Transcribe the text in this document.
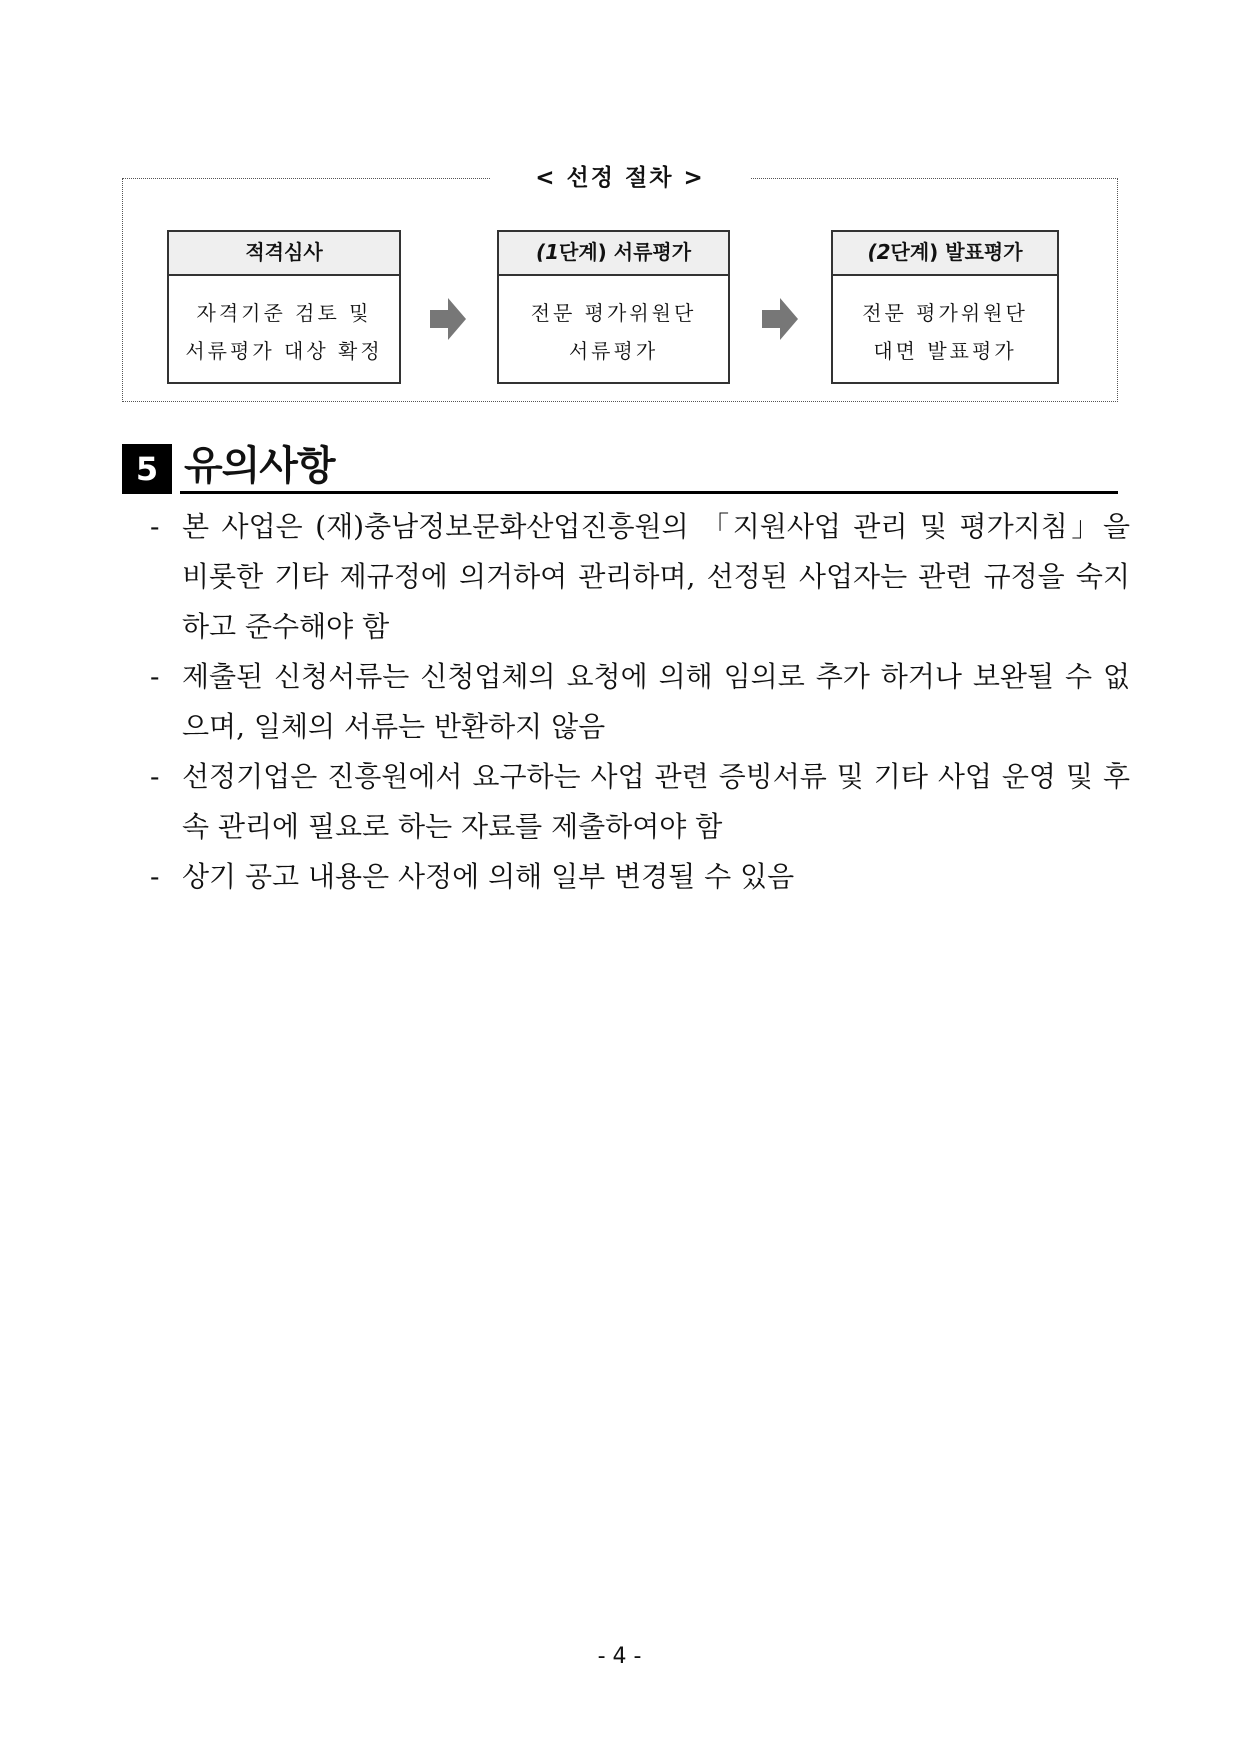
< 선정 절차 >
적격심사
자격기준 검토 및
서류평가 대상 확정
(1단계) 서류평가
전문 평가위원단
서류평가
(2단계) 발표평가
전문 평가위원단
대면 발표평가
5 유의사항
- 본 사업은 (재)충남정보문화산업진흥원의 「지원사업 관리 및 평가지침」을 비롯한 기타 제규정에 의거하여 관리하며, 선정된 사업자는 관련 규정을 숙지하고 준수해야 함
- 제출된 신청서류는 신청업체의 요청에 의해 임의로 추가 하거나 보완될 수 없으며, 일체의 서류는 반환하지 않음
- 선정기업은 진흥원에서 요구하는 사업 관련 증빙서류 및 기타 사업 운영 및 후속 관리에 필요로 하는 자료를 제출하여야 함
- 상기 공고 내용은 사정에 의해 일부 변경될 수 있음
- 4 -
